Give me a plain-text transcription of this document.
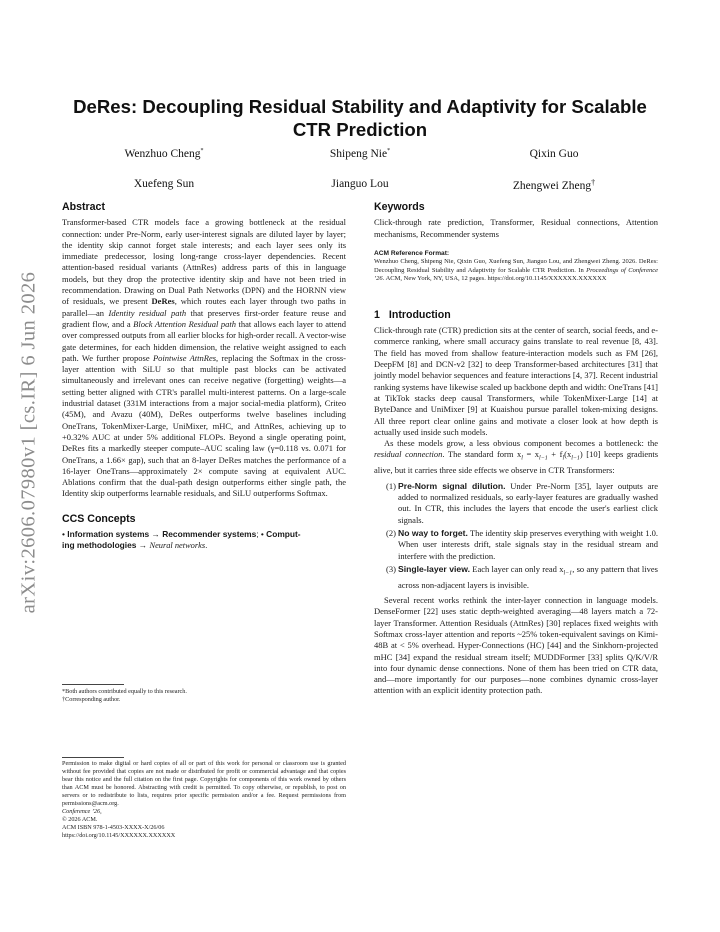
arXiv:2606.07980v1 [cs.IR] 6 Jun 2026
DeRes: Decoupling Residual Stability and Adaptivity for Scalable
CTR Prediction
Wenzhuo Cheng*	Shipeng Nie*	Qixin Guo
Xuefeng Sun	Jianguo Lou	Zhengwei Zheng†
Abstract

Transformer-based CTR models face a growing bottleneck at the residual connection: under Pre-Norm, early user-interest signals are diluted layer by layer; the identity skip cannot forget stale interests; and each layer sees only its immediate predecessor, losing long-range cross-layer dependencies. Recent attention-based residual variants (AttnRes) address parts of this in language models, but they drop the protective identity skip and have not been tried in recommendation. Drawing on Dual Path Networks (DPN) and the HORNN view of residuals, we present DeRes, which routes each layer through two paths in parallel—an Identity residual path that preserves first-order feature reuse and gradient flow, and a Block Attention Residual path that allows each layer to attend over compressed outputs from all earlier blocks for high-order recall. A vector-wise gate determines, for each hidden dimension, the relative weight assigned to each path. We further propose Pointwise AttnRes, replacing the Softmax in the cross-layer attention with SiLU so that multiple past blocks can be activated simultaneously and irrelevant ones can receive negative (forgetting) weights—a setting better aligned with CTR's parallel multi-interest patterns. On a large-scale industrial dataset (331M interactions from a major social-media platform), Criteo (45M), and Avazu (40M), DeRes outperforms twelve baselines including OneTrans, TokenMixer-Large, UniMixer, mHC, and AttnRes, achieving up to +0.32% AUC at under 5% additional FLOPs. Beyond a single operating point, DeRes fits a markedly steeper compute–AUC scaling law (γ=0.118 vs. 0.071 for OneTrans, a 1.66× gap), such that an 8-layer DeRes matches the performance of a 16-layer OneTrans—approximately 2× compute saving at equivalent AUC. Ablations confirm that the dual-path design outperforms either single path, the Identity skip outperforms learnable residuals, and SiLU outperforms Softmax.

CCS Concepts
• Information systems → Recommender systems; • Comput-
ing methodologies → Neural networks.
*Both authors contributed equally to this research.
†Corresponding author.
Permission to make digital or hard copies of all or part of this work for personal or classroom use is granted without fee provided that copies are not made or distributed for profit or commercial advantage and that copies bear this notice and the full citation on the first page. Copyrights for components of this work owned by others than ACM must be honored. Abstracting with credit is permitted. To copy otherwise, or republish, to post on servers or to redistribute to lists, requires prior specific permission and/or a fee. Request permissions from permissions@acm.org.
Conference ’26,
© 2026 ACM.
ACM ISBN 978-1-4503-XXXX-X/26/06
https://doi.org/10.1145/XXXXXX.XXXXXX
Keywords

Click-through rate prediction, Transformer, Residual connections, Attention mechanisms, Recommender systems

ACM Reference Format:
Wenzhuo Cheng, Shipeng Nie, Qixin Guo, Xuefeng Sun, Jianguo Lou, and Zhengwei Zheng. 2026. DeRes: Decoupling Residual Stability and Adaptivity for Scalable CTR Prediction. In Proceedings of Conference ’26. ACM, New York, NY, USA, 12 pages. https://doi.org/10.1145/XXXXXX.XXXXXX
1 Introduction

Click-through rate (CTR) prediction sits at the center of search, social feeds, and e-commerce ranking, where small accuracy gains translate to real revenue [8, 43]. The field has moved from shallow feature-interaction models such as FM [26], DeepFM [8] and DCN-v2 [32] to deep Transformer-based architectures [31] that jointly model behavior sequences and feature interactions [4, 37]. Recent industrial ranking systems have likewise scaled up backbone depth and width: OneTrans [41] at TikTok stacks deep causal Transformers, while TokenMixer-Large [14] at ByteDance and UniMixer [9] at Kuaishou pursue parallel token-mixing designs. All three report clear online gains and motivate a closer look at how depth is actually used inside such models.

As these models grow, a less obvious component becomes a bottleneck: the residual connection. The standard form $x_l = x_{l-1} + f_l(x_{l-1})$ [10] keeps gradients alive, but it carries three side effects we observe in CTR Transformers:

(1) Pre-Norm signal dilution. Under Pre-Norm [35], layer outputs are added to normalized residuals, so early-layer features are gradually washed out. In CTR, this includes the layers that encode the user's earliest click signals.
(2) No way to forget. The identity skip preserves everything with weight 1.0. When user interests drift, stale signals stay in the residual stream and interfere with the prediction.
(3) Single-layer view. Each layer can only read $x_{l-1}$, so any pattern that lives across non-adjacent layers is invisible.

Several recent works rethink the inter-layer connection in language models. DenseFormer [22] uses static depth-weighted averaging—48 layers match a 72-layer Transformer. Attention Residuals (AttnRes) [30] replaces fixed weights with Softmax cross-layer attention and reports ~25% token-equivalent savings on Kimi-48B at < 5% overhead. Hyper-Connections (HC) [44] and the Sinkhorn-projected mHC [34] expand the residual stream itself; MUDDFormer [33] splits Q/K/V/R into four dynamic dense connections. None of them has been tried on CTR data, and—more importantly for our purposes—none combines dynamic cross-layer attention with an explicit identity protection path.
